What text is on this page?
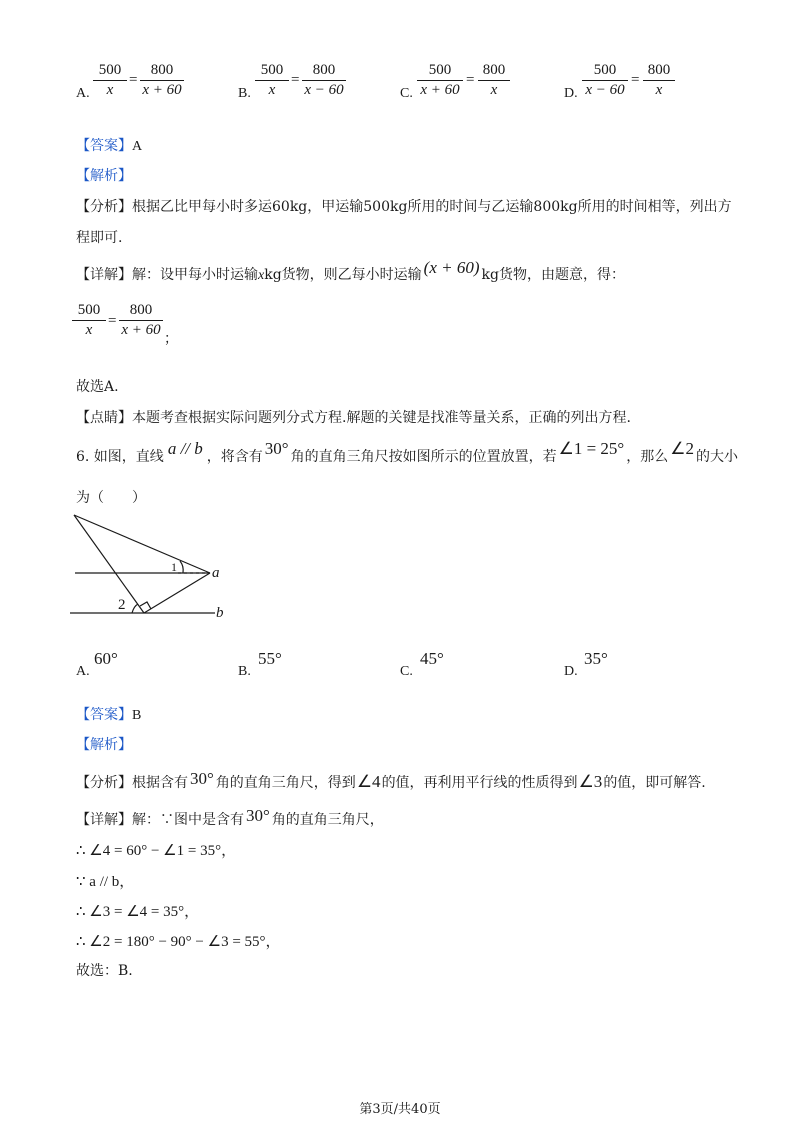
A. $\frac{500}{x} = \frac{800}{x + 60}$	B. $\frac{500}{x} = \frac{800}{x - 60}$	C. $\frac{500}{x + 60} = \frac{800}{x}$	D. $\frac{500}{x - 60} = \frac{800}{x}$
【答案】A
【解析】
【分析】根据乙比甲每小时多运60kg，甲运输500kg所用的时间与乙运输800kg所用的时间相等，列出方
程即可.
【详解】解：设甲每小时运输xkg货物，则乙每小时运输 (x + 60) kg货物，由题意，得：
$\frac{500}{x} = \frac{800}{x + 60}$ ；
故选A.
【点睛】本题考查根据实际问题列分式方程.解题的关键是找准等量关系，正确的列出方程.
6. 如图，直线 a // b ，将含有 30° 角的直角三角尺按如图所示的位置放置，若 ∠1 = 25° ，那么 ∠2 的大小
为（　　）
a
b
1
2
A.
60°
B.
55°
C.
45°
D.
35°
【答案】B
【解析】
【分析】根据含有 30° 角的直角三角尺，得到∠4的值，再利用平行线的性质得到∠3的值，即可解答.
【详解】解：∵图中是含有 30° 角的直角三角尺，
∴ ∠4 = 60° − ∠1 = 35°，
∵ a // b，
∴ ∠3 = ∠4 = 35°，
∴ ∠2 = 180° − 90° − ∠3 = 55°，
故选：B.
第3页/共40页
